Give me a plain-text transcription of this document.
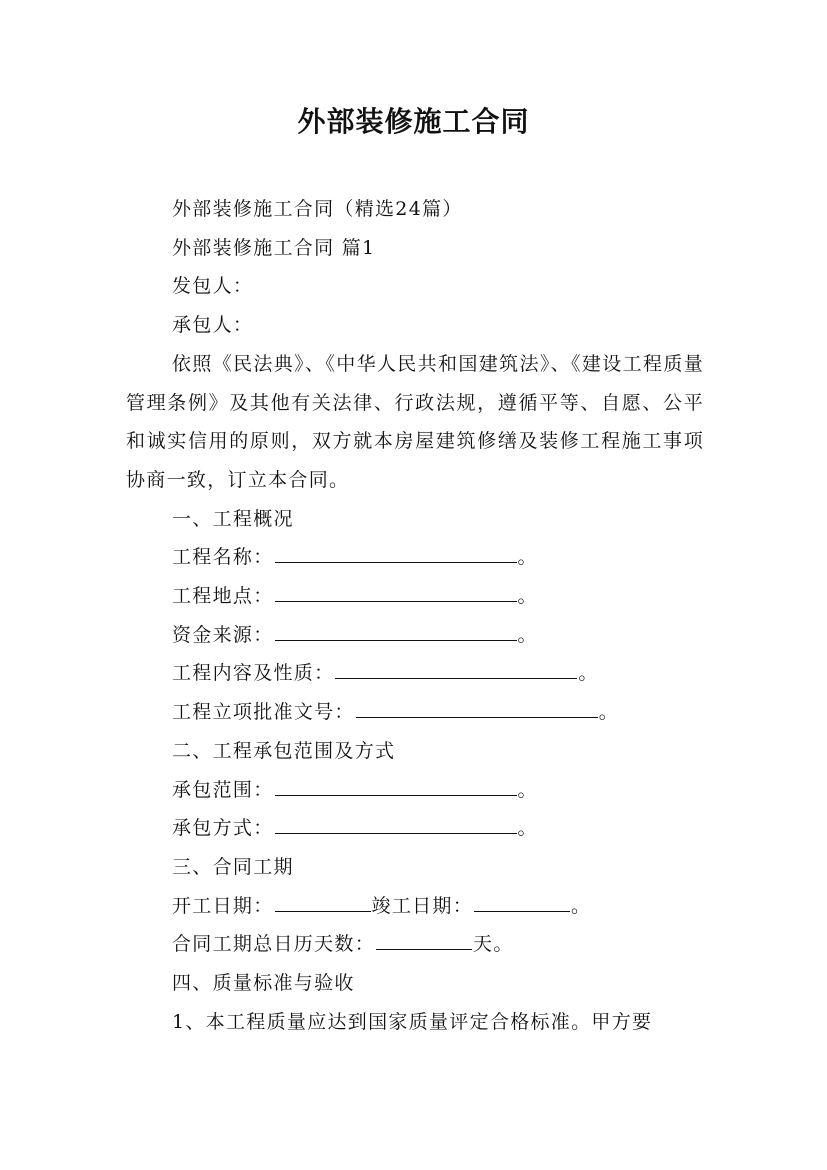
外部装修施工合同

外部装修施工合同（精选24篇）

外部装修施工合同 篇1

发包人：

承包人：

依照《民法典》、《中华人民共和国建筑法》、《建设工程质量管理条例》及其他有关法律、行政法规，遵循平等、自愿、公平和诚实信用的原则，双方就本房屋建筑修缮及装修工程施工事项协商一致，订立本合同。

一、工程概况

工程名称：	。

工程地点：	。

资金来源：	。

工程内容及性质：	。

工程立项批准文号：	。

二、工程承包范围及方式

承包范围：	。

承包方式：	。

三、合同工期

开工日期：	竣工日期：	。

合同工期总日历天数：	天。

四、质量标准与验收

1、本工程质量应达到国家质量评定合格标准。甲方要
